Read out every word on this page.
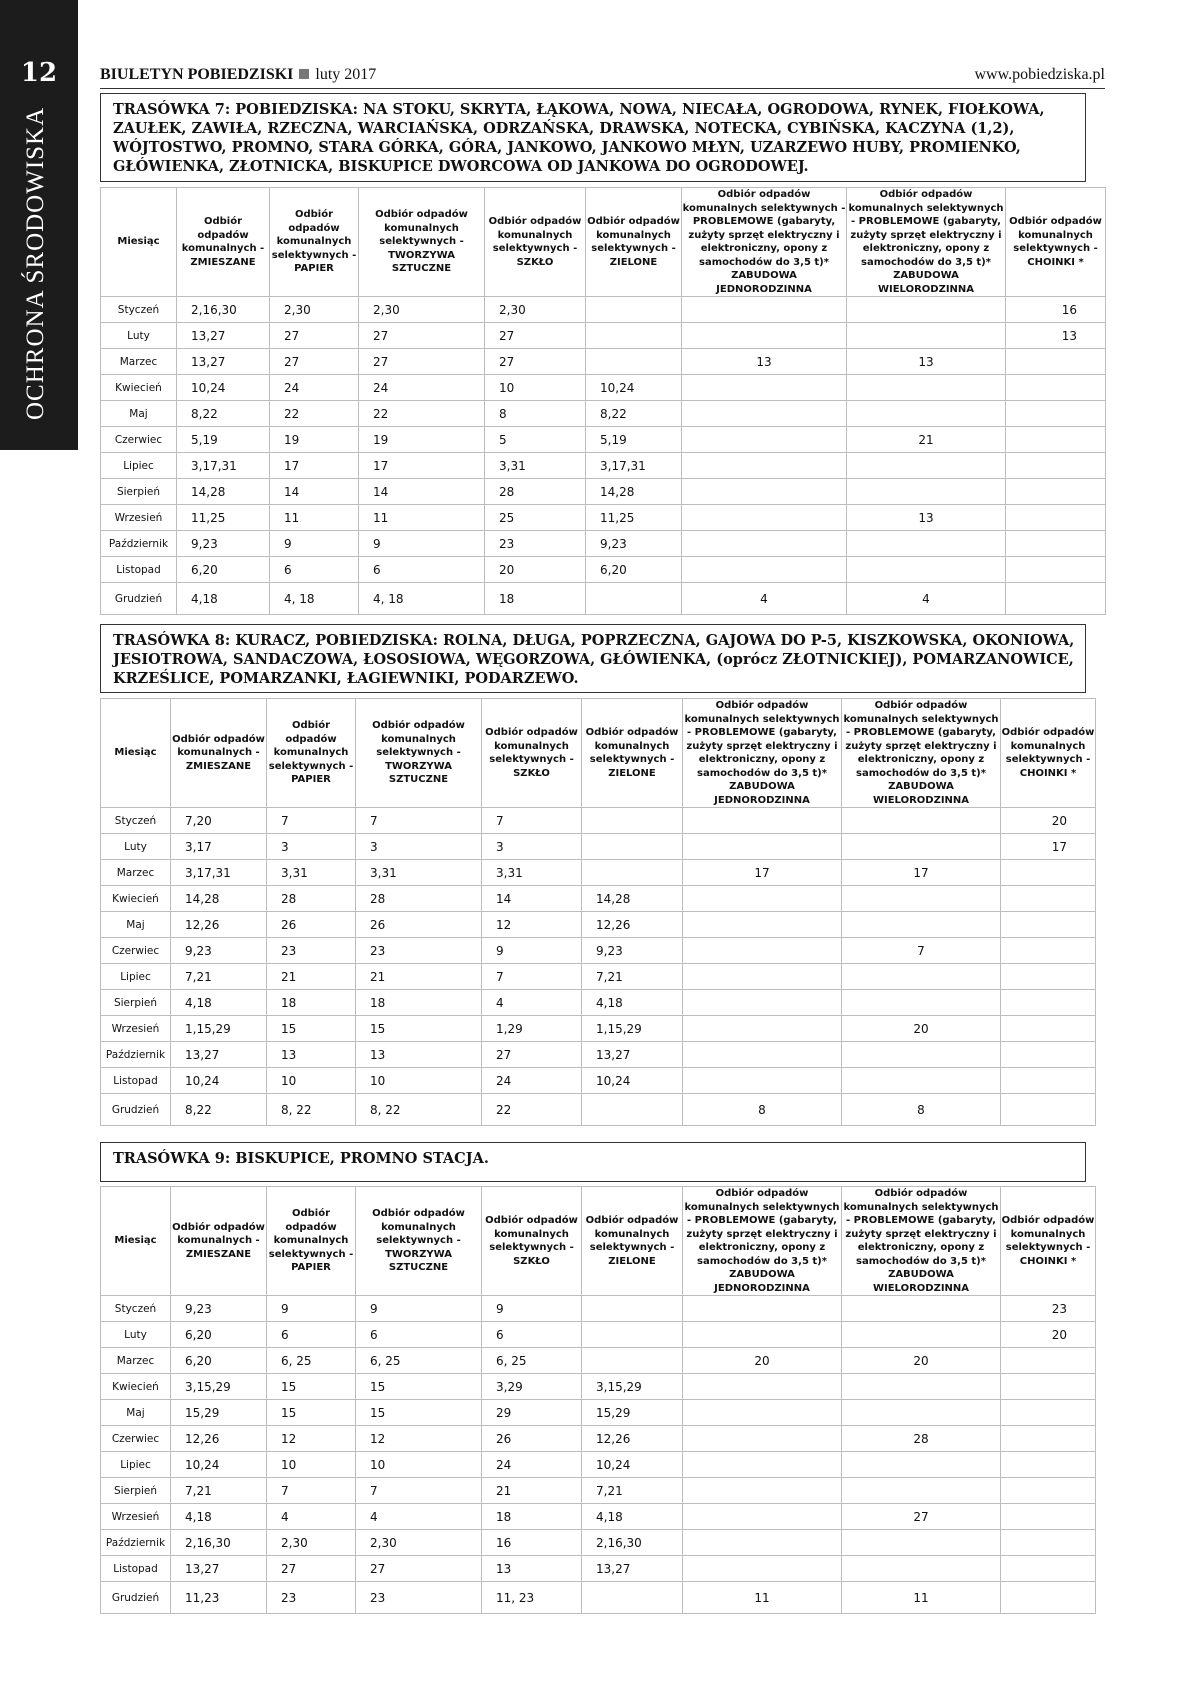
12
OCHRONA ŚRODOWISKA
BIULETYN POBIEDZISKI luty 2017	www.pobiedziska.pl
TRASÓWKA 7: POBIEDZISKA: NA STOKU, SKRYTA, ŁĄKOWA, NOWA, NIECAŁA, OGRODOWA, RYNEK, FIOŁKOWA, ZAUŁEK, ZAWIŁA, RZECZNA, WARCIAŃSKA, ODRZAŃSKA, DRAWSKA, NOTECKA, CYBIŃSKA, KACZYNA (1,2), WÓJTOSTWO, PROMNO, STARA GÓRKA, GÓRA, JANKOWO, JANKOWO MŁYN, UZARZEWO HUBY, PROMIENKO, GŁÓWIENKA, ZŁOTNICKA, BISKUPICE DWORCOWA OD JANKOWA DO OGRODOWEJ.
Miesiąc	Odbiór odpadów komunalnych - ZMIESZANE	Odbiór odpadów komunalnych selektywnych - PAPIER	Odbiór odpadów komunalnych selektywnych - TWORZYWA SZTUCZNE	Odbiór odpadów komunalnych selektywnych - SZKŁO	Odbiór odpadów komunalnych selektywnych - ZIELONE	Odbiór odpadów komunalnych selektywnych - PROBLEMOWE (gabaryty, zużyty sprzęt elektryczny i elektroniczny, opony z samochodów do 3,5 t)* ZABUDOWA JEDNORODZINNA	Odbiór odpadów komunalnych selektywnych - PROBLEMOWE (gabaryty, zużyty sprzęt elektryczny i elektroniczny, opony z samochodów do 3,5 t)* ZABUDOWA WIELORODZINNA	Odbiór odpadów komunalnych selektywnych - CHOINKI *
Styczeń	2,16,30	2,30	2,30	2,30				16
Luty	13,27	27	27	27				13
Marzec	13,27	27	27	27		13	13	
Kwiecień	10,24	24	24	10	10,24			
Maj	8,22	22	22	8	8,22			
Czerwiec	5,19	19	19	5	5,19		21	
Lipiec	3,17,31	17	17	3,31	3,17,31			
Sierpień	14,28	14	14	28	14,28			
Wrzesień	11,25	11	11	25	11,25		13	
Październik	9,23	9	9	23	9,23			
Listopad	6,20	6	6	20	6,20			
Grudzień	4,18	4, 18	4, 18	18		4	4	
TRASÓWKA 8: KURACZ, POBIEDZISKA: ROLNA, DŁUGA, POPRZECZNA, GAJOWA DO P-5, KISZKOWSKA, OKONIOWA, JESIOTROWA, SANDACZOWA, ŁOSOSIOWA, WĘGORZOWA, GŁÓWIENKA, (oprócz ZŁOTNICKIEJ), POMARZANOWICE, KRZEŚLICE, POMARZANKI, ŁAGIEWNIKI, PODARZEWO.
Miesiąc	Odbiór odpadów komunalnych - ZMIESZANE	Odbiór odpadów komunalnych selektywnych - PAPIER	Odbiór odpadów komunalnych selektywnych - TWORZYWA SZTUCZNE	Odbiór odpadów komunalnych selektywnych - SZKŁO	Odbiór odpadów komunalnych selektywnych - ZIELONE	Odbiór odpadów komunalnych selektywnych - PROBLEMOWE (gabaryty, zużyty sprzęt elektryczny i elektroniczny, opony z samochodów do 3,5 t)* ZABUDOWA JEDNORODZINNA	Odbiór odpadów komunalnych selektywnych - PROBLEMOWE (gabaryty, zużyty sprzęt elektryczny i elektroniczny, opony z samochodów do 3,5 t)* ZABUDOWA WIELORODZINNA	Odbiór odpadów komunalnych selektywnych - CHOINKI *
Styczeń	7,20	7	7	7				20
Luty	3,17	3	3	3				17
Marzec	3,17,31	3,31	3,31	3,31		17	17	
Kwiecień	14,28	28	28	14	14,28			
Maj	12,26	26	26	12	12,26			
Czerwiec	9,23	23	23	9	9,23		7	
Lipiec	7,21	21	21	7	7,21			
Sierpień	4,18	18	18	4	4,18			
Wrzesień	1,15,29	15	15	1,29	1,15,29		20	
Październik	13,27	13	13	27	13,27			
Listopad	10,24	10	10	24	10,24			
Grudzień	8,22	8, 22	8, 22	22		8	8	
TRASÓWKA 9: BISKUPICE, PROMNO STACJA.
Miesiąc	Odbiór odpadów komunalnych - ZMIESZANE	Odbiór odpadów komunalnych selektywnych - PAPIER	Odbiór odpadów komunalnych selektywnych - TWORZYWA SZTUCZNE	Odbiór odpadów komunalnych selektywnych - SZKŁO	Odbiór odpadów komunalnych selektywnych - ZIELONE	Odbiór odpadów komunalnych selektywnych - PROBLEMOWE (gabaryty, zużyty sprzęt elektryczny i elektroniczny, opony z samochodów do 3,5 t)* ZABUDOWA JEDNORODZINNA	Odbiór odpadów komunalnych selektywnych - PROBLEMOWE (gabaryty, zużyty sprzęt elektryczny i elektroniczny, opony z samochodów do 3,5 t)* ZABUDOWA WIELORODZINNA	Odbiór odpadów komunalnych selektywnych - CHOINKI *
Styczeń	9,23	9	9	9				23
Luty	6,20	6	6	6				20
Marzec	6,20	6, 25	6, 25	6, 25		20	20	
Kwiecień	3,15,29	15	15	3,29	3,15,29			
Maj	15,29	15	15	29	15,29			
Czerwiec	12,26	12	12	26	12,26		28	
Lipiec	10,24	10	10	24	10,24			
Sierpień	7,21	7	7	21	7,21			
Wrzesień	4,18	4	4	18	4,18		27	
Październik	2,16,30	2,30	2,30	16	2,16,30			
Listopad	13,27	27	27	13	13,27			
Grudzień	11,23	23	23	11, 23		11	11	
